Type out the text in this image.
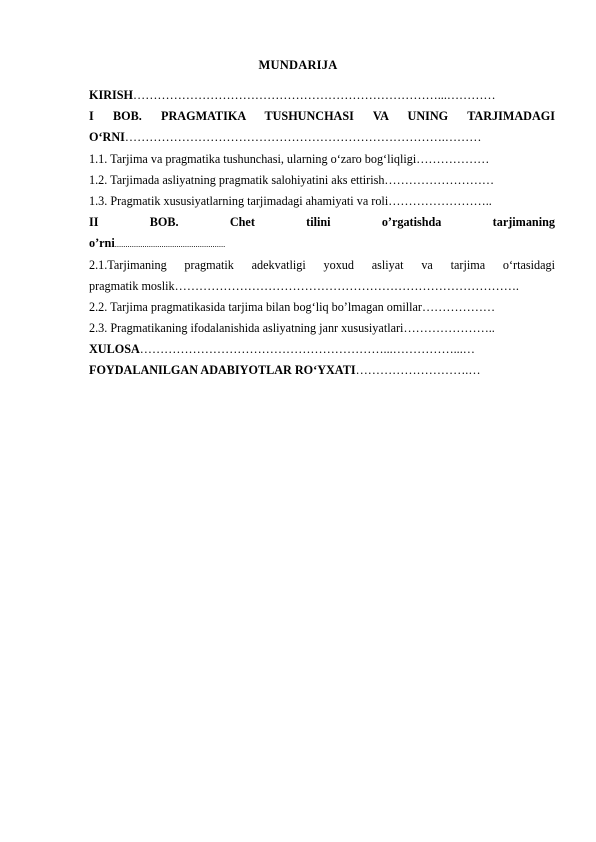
MUNDARIJA
KIRISH…………………………………………………………………...…………
I BOB. PRAGMATIKA TUSHUNCHASI VA UNING TARJIMADAGI
O‘RNI…………………………………………………………………….………
1.1. Tarjima va pragmatika tushunchasi, ularning o‘zaro bog‘liqligi………………
1.2. Tarjimada asliyatning pragmatik salohiyatini aks ettirish………………………
1.3. Pragmatik xususiyatlarning tarjimadagi ahamiyati va roli……………………..
II	BOB.	Chet	tilini	o’rgatishda	tarjimaning
o’rni....................................................
2.1.Tarjimaning pragmatik adekvatligi yoxud asliyat va tarjima o‘rtasidagi
pragmatik moslik………………………………………………………………………….
2.2. Tarjima pragmatikasida tarjima bilan bog‘liq bo’lmagan omillar………………
2.3. Pragmatikaning ifodalanishida asliyatning janr xususiyatlari…………………..
XULOSA……………………………………………………...……………...…
FOYDALANILGAN ADABIYOTLAR RO‘YXATI……………………….…
